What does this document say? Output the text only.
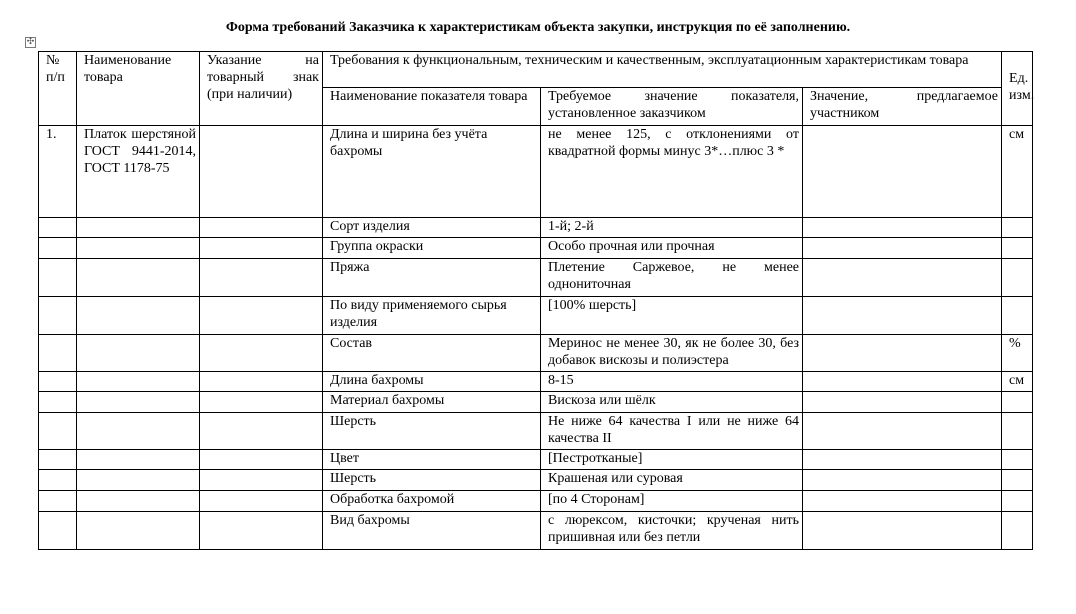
Форма требований Заказчика к характеристикам объекта закупки, инструкция по её заполнению.
✣
№ п/п	Наименование товара	Указание на товарный знак (при наличии)	Требования к функциональным, техническим и качественным, эксплуатационным характеристикам товара			Ед. изм.
			Наименование показателя товара	Требуемое значение показателя, установленное заказчиком	Значение, предлагаемое участником	
1.	Платок шерстяной ГОСТ 9441-2014, ГОСТ 1178-75		Длина и ширина без учёта бахромы	не менее 125, с отклонениями от квадратной формы минус 3*…плюс 3 *		см
			Сорт изделия	1-й; 2-й		
			Группа окраски	Особо прочная или прочная		
			Пряжа	Плетение Саржевое, не менее однониточная		
			По виду применяемого сырья изделия	[100% шерсть]		
			Состав	Меринос не менее 30, як не более 30, без добавок вискозы и полиэстера		%
			Длина бахромы	8-15		см
			Материал бахромы	Вискоза или шёлк		
			Шерсть	Не ниже 64 качества I или не ниже 64 качества II		
			Цвет	[Пестротканые]		
			Шерсть	Крашеная или суровая		
			Обработка бахромой	[по 4 Сторонам]		
			Вид бахромы	с люрексом, кисточки; крученая нить пришивная или без петли		
